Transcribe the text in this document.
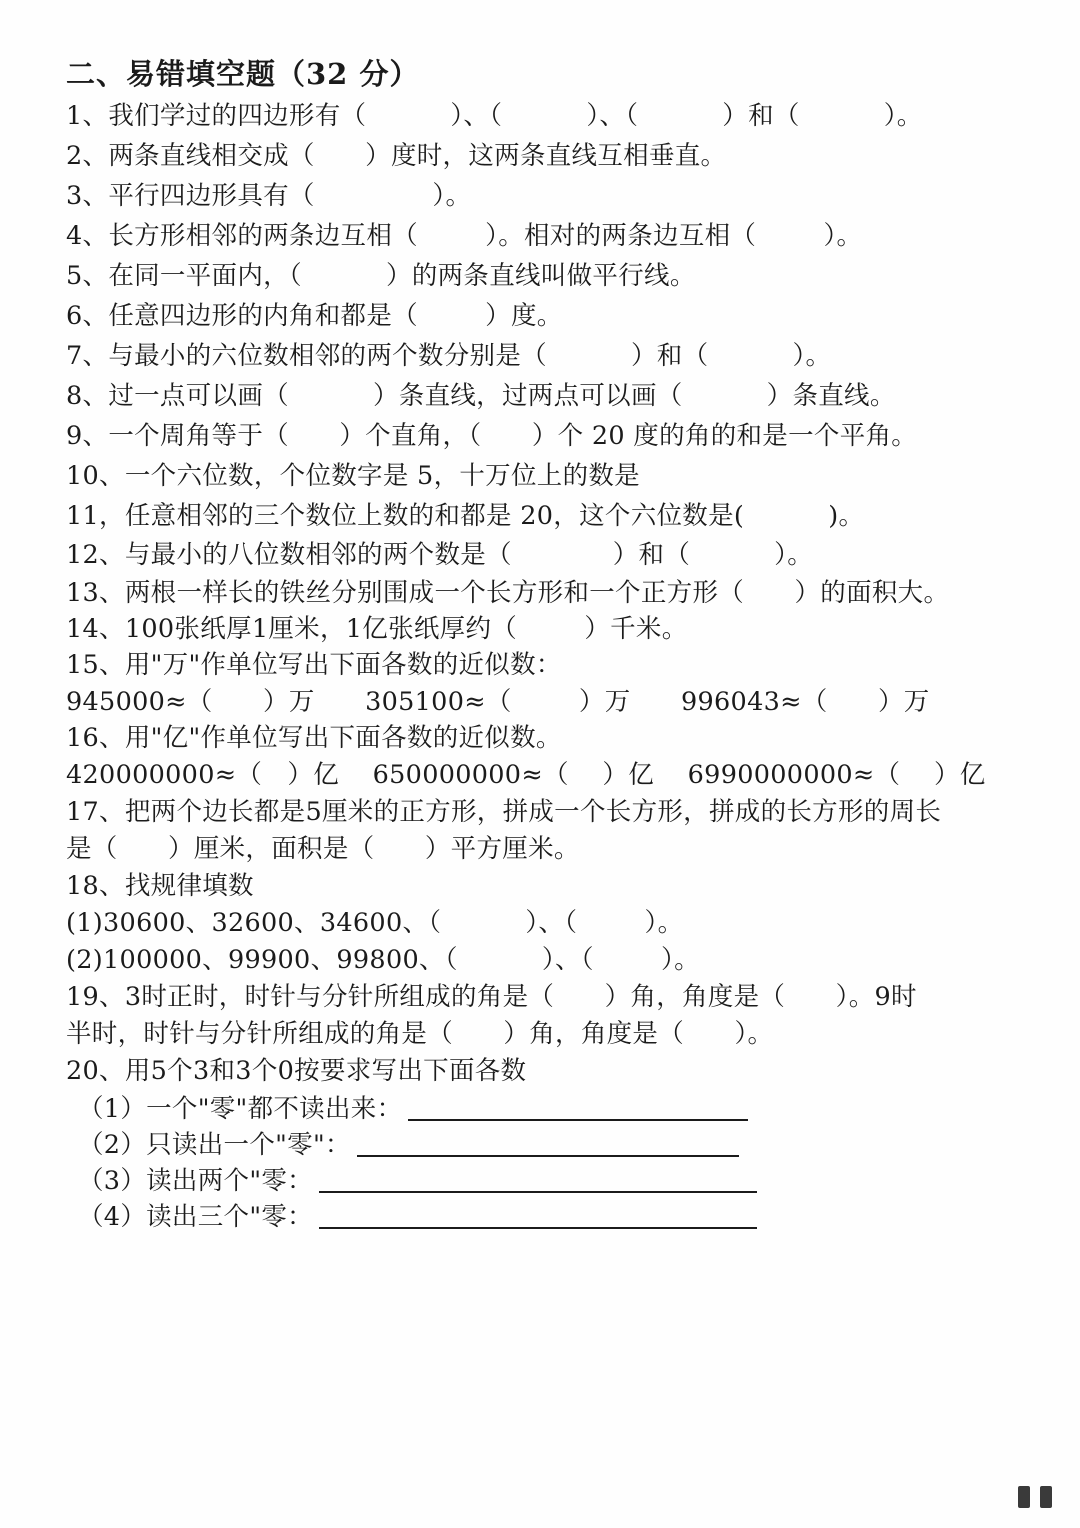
二、易错填空题（32 分）
1、我们学过的四边形有（          ）、（          ）、（          ）和（          ）。
2、两条直线相交成（      ）度时，这两条直线互相垂直。
3、平行四边形具有（              ）。
4、长方形相邻的两条边互相（        ）。相对的两条边互相（        ）。
5、在同一平面内，（          ）的两条直线叫做平行线。
6、任意四边形的内角和都是（        ）度。
7、与最小的六位数相邻的两个数分别是（          ）和（          ）。
8、过一点可以画（          ）条直线，过两点可以画（          ）条直线。
9、一个周角等于（      ）个直角，（      ）个 20 度的角的和是一个平角。
10、一个六位数，个位数字是 5，十万位上的数是
11，任意相邻的三个数位上数的和都是 20，这个六位数是(          )。
12、与最小的八位数相邻的两个数是（            ）和（          ）。
13、两根一样长的铁丝分别围成一个长方形和一个正方形（      ）的面积大。
14、100张纸厚1厘米，1亿张纸厚约（        ）千米。
15、用"万"作单位写出下面各数的近似数：
945000≈（      ）万      305100≈（        ）万      996043≈（      ）万
16、用"亿"作单位写出下面各数的近似数。
420000000≈（   ）亿    650000000≈（    ）亿    6990000000≈（    ）亿
17、把两个边长都是5厘米的正方形，拼成一个长方形，拼成的长方形的周长
是（      ）厘米，面积是（      ）平方厘米。
18、找规律填数
(1)30600、32600、34600、（          ）、（        ）。
(2)100000、99900、99800、（          ）、（        ）。
19、3时正时，时针与分针所组成的角是（      ）角，角度是（      ）。9时
半时，时针与分针所组成的角是（      ）角，角度是（      ）。
20、用5个3和3个0按要求写出下面各数
（1）一个"零"都不读出来：
（2）只读出一个"零"：
（3）读出两个"零：
（4）读出三个"零：
